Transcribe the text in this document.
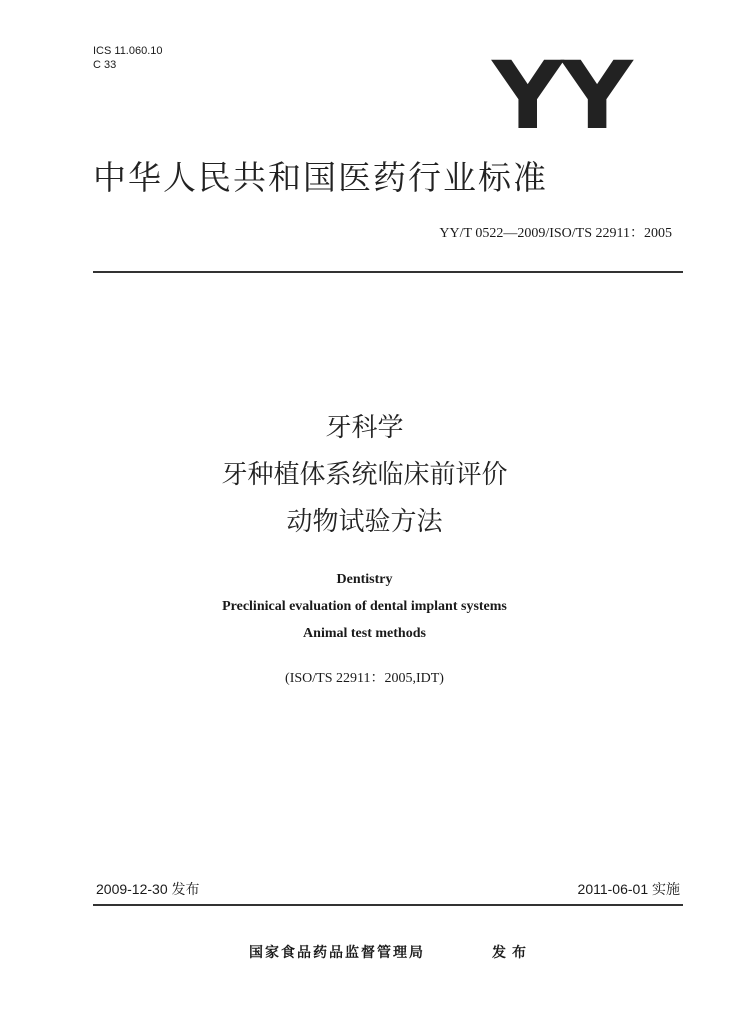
ICS 11.060.10
C 33	YY
中华人民共和国医药行业标准
YY/T 0522—2009/ISO/TS 22911：2005
牙科学
牙种植体系统临床前评价
动物试验方法
Dentistry
Preclinical evaluation of dental implant systems
Animal test methods
(ISO/TS 22911：2005,IDT)
2009-12-30 发布	2011-06-01 实施
国家食品药品监督管理局	发布
